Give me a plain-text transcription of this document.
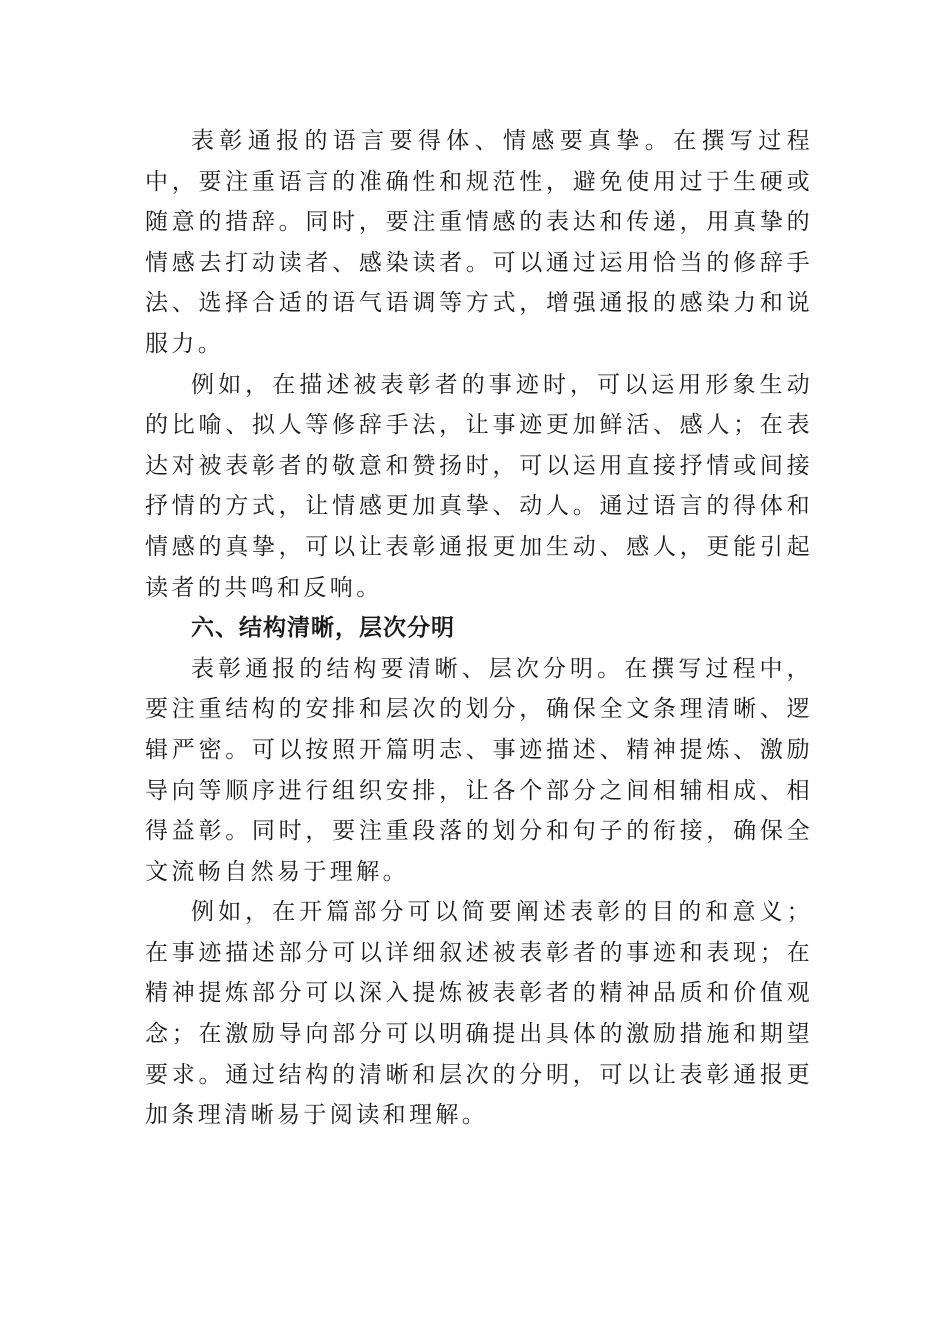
表彰通报的语言要得体、情感要真挚。在撰写过程中，要注重语言的准确性和规范性，避免使用过于生硬或随意的措辞。同时，要注重情感的表达和传递，用真挚的情感去打动读者、感染读者。可以通过运用恰当的修辞手法、选择合适的语气语调等方式，增强通报的感染力和说服力。

例如，在描述被表彰者的事迹时，可以运用形象生动的比喻、拟人等修辞手法，让事迹更加鲜活、感人；在表达对被表彰者的敬意和赞扬时，可以运用直接抒情或间接抒情的方式，让情感更加真挚、动人。通过语言的得体和情感的真挚，可以让表彰通报更加生动、感人，更能引起读者的共鸣和反响。

六、结构清晰，层次分明

表彰通报的结构要清晰、层次分明。在撰写过程中，要注重结构的安排和层次的划分，确保全文条理清晰、逻辑严密。可以按照开篇明志、事迹描述、精神提炼、激励导向等顺序进行组织安排，让各个部分之间相辅相成、相得益彰。同时，要注重段落的划分和句子的衔接，确保全文流畅自然易于理解。

例如，在开篇部分可以简要阐述表彰的目的和意义；在事迹描述部分可以详细叙述被表彰者的事迹和表现；在精神提炼部分可以深入提炼被表彰者的精神品质和价值观念；在激励导向部分可以明确提出具体的激励措施和期望要求。通过结构的清晰和层次的分明，可以让表彰通报更加条理清晰易于阅读和理解。
